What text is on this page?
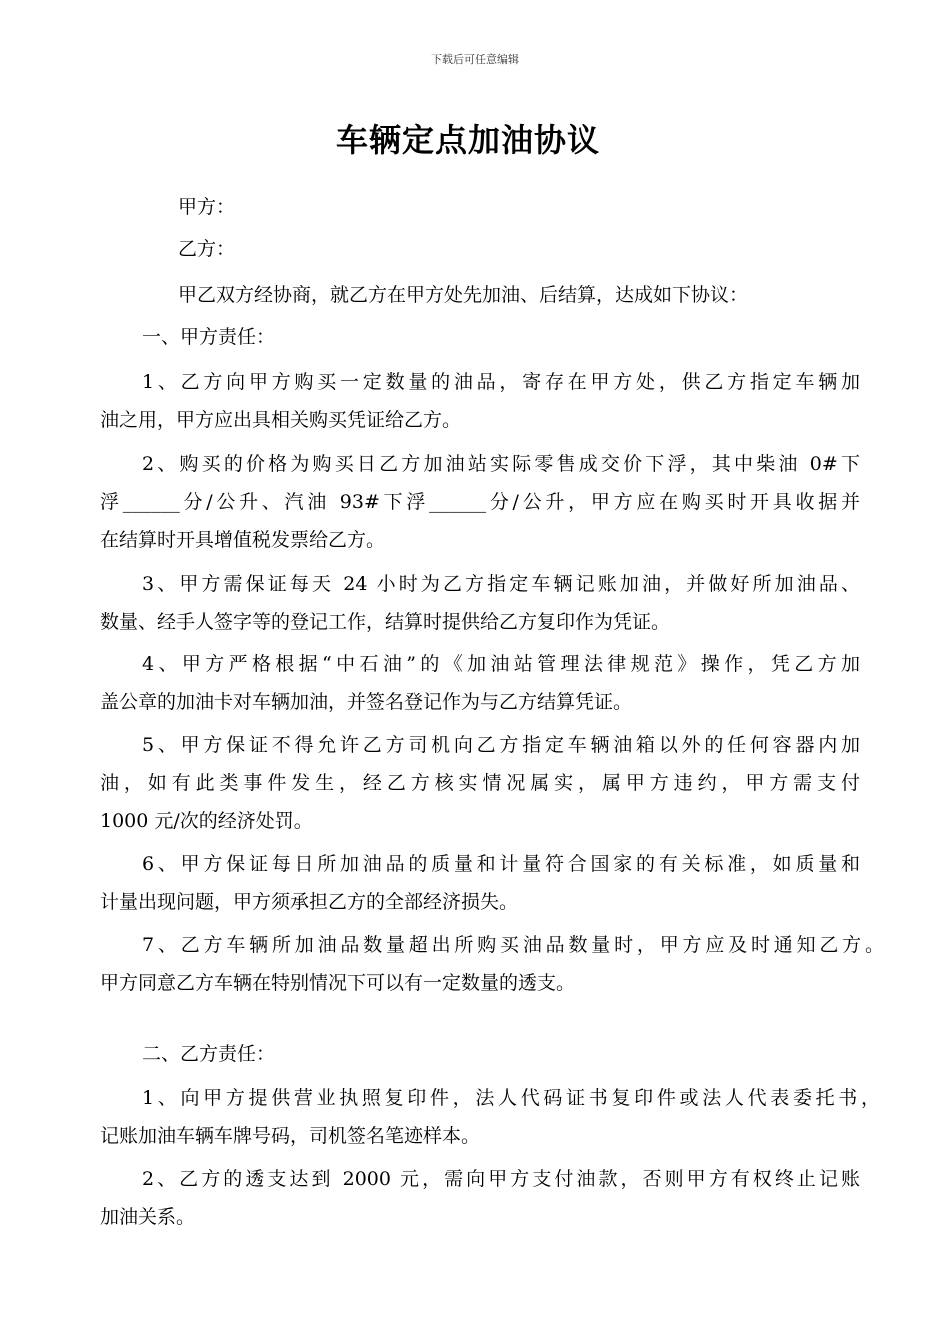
下载后可任意编辑
车辆定点加油协议
甲方：
乙方：
甲乙双方经协商，就乙方在甲方处先加油、后结算，达成如下协议：
一、甲方责任：
1、乙方向甲方购买一定数量的油品，寄存在甲方处，供乙方指定车辆加
油之用，甲方应出具相关购买凭证给乙方。
2、购买的价格为购买日乙方加油站实际零售成交价下浮，其中柴油 0#下
浮______分/公升、汽油 93#下浮______分/公升，甲方应在购买时开具收据并
在结算时开具增值税发票给乙方。
3、甲方需保证每天 24 小时为乙方指定车辆记账加油，并做好所加油品、
数量、经手人签字等的登记工作，结算时提供给乙方复印作为凭证。
4、甲方严格根据“中石油”的《加油站管理法律规范》操作，凭乙方加
盖公章的加油卡对车辆加油，并签名登记作为与乙方结算凭证。
5、甲方保证不得允许乙方司机向乙方指定车辆油箱以外的任何容器内加
油，如有此类事件发生，经乙方核实情况属实，属甲方违约，甲方需支付
1000 元/次的经济处罚。
6、甲方保证每日所加油品的质量和计量符合国家的有关标准，如质量和
计量出现问题，甲方须承担乙方的全部经济损失。
7、乙方车辆所加油品数量超出所购买油品数量时，甲方应及时通知乙方。
甲方同意乙方车辆在特别情况下可以有一定数量的透支。
二、乙方责任：
1、向甲方提供营业执照复印件，法人代码证书复印件或法人代表委托书，
记账加油车辆车牌号码，司机签名笔迹样本。
2、乙方的透支达到 2000 元，需向甲方支付油款，否则甲方有权终止记账
加油关系。
